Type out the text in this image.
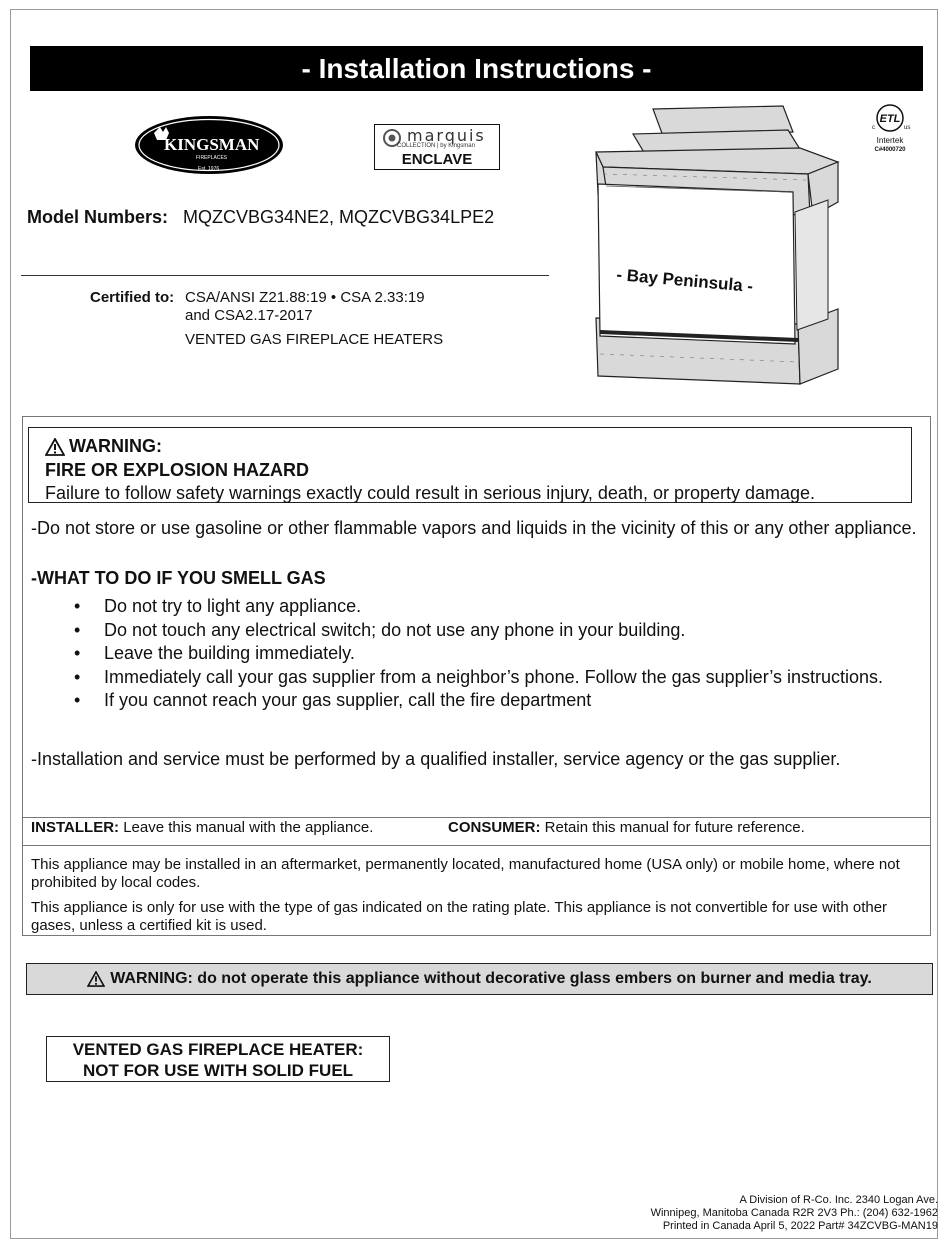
- Installation Instructions -
KINGSMAN
FIREPLACES
Est. 1976
marquis
COLLECTION | by Kingsman
ENCLAVE
ETL
c	us
Intertek
C#4000720
- Bay Peninsula -
Model Numbers: MQZCVBG34NE2, MQZCVBG34LPE2
Certified to: CSA/ANSI Z21.88:19 • CSA 2.33:19
and CSA2.17-2017
VENTED GAS FIREPLACE HEATERS
WARNING:
FIRE OR EXPLOSION HAZARD
Failure to follow safety warnings exactly could result in serious injury, death, or property damage.
-Do not store or use gasoline or other flammable vapors and liquids in the vicinity of this or any other appliance.
-WHAT TO DO IF YOU SMELL GAS
• Do not try to light any appliance.
• Do not touch any electrical switch; do not use any phone in your building.
• Leave the building immediately.
• Immediately call your gas supplier from a neighbor’s phone. Follow the gas supplier’s instructions.
• If you cannot reach your gas supplier, call the fire department
-Installation and service must be performed by a qualified installer, service agency or the gas supplier.
INSTALLER: Leave this manual with the appliance.	CONSUMER: Retain this manual for future reference.
This appliance may be installed in an aftermarket, permanently located, manufactured home (USA only) or mobile home, where not prohibited by local codes.
This appliance is only for use with the type of gas indicated on the rating plate. This appliance is not convertible for use with other gases, unless a certified kit is used.
WARNING: do not operate this appliance without decorative glass embers on burner and media tray.
VENTED GAS FIREPLACE HEATER:
NOT FOR USE WITH SOLID FUEL
A Division of R-Co. Inc. 2340 Logan Ave.
Winnipeg, Manitoba Canada R2R 2V3 Ph.: (204) 632-1962
Printed in Canada April 5, 2022 Part# 34ZCVBG-MAN19
